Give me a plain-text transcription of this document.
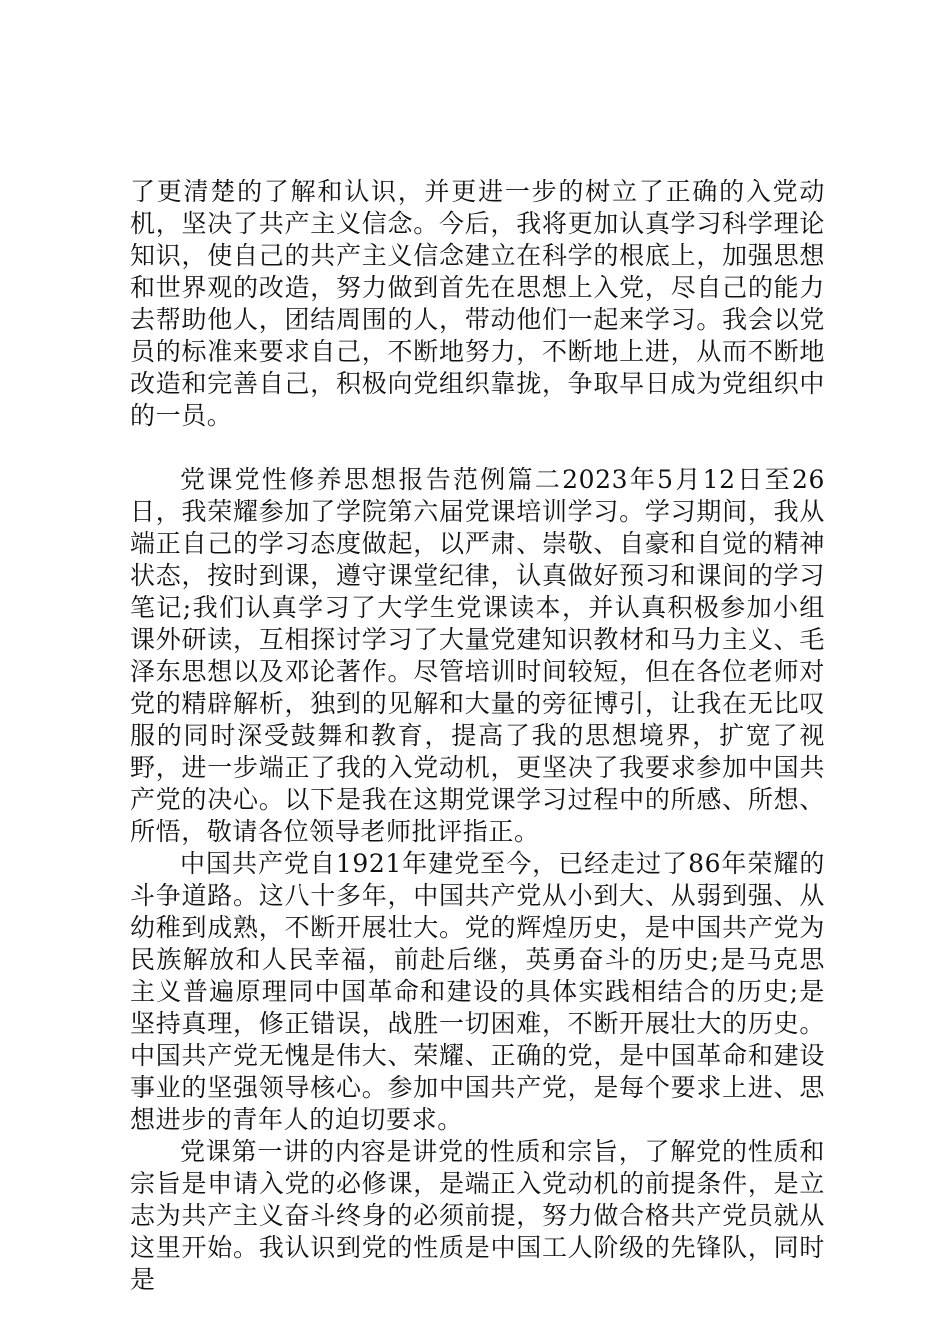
了更清楚的了解和认识，并更进一步的树立了正确的入党动机，坚决了共产主义信念。今后，我将更加认真学习科学理论知识，使自己的共产主义信念建立在科学的根底上，加强思想和世界观的改造，努力做到首先在思想上入党，尽自己的能力去帮助他人，团结周围的人，带动他们一起来学习。我会以党员的标准来要求自己，不断地努力，不断地上进，从而不断地改造和完善自己，积极向党组织靠拢，争取早日成为党组织中的一员。

党课党性修养思想报告范例篇二2023年5月12日至26日，我荣耀参加了学院第六届党课培训学习。学习期间，我从端正自己的学习态度做起，以严肃、崇敬、自豪和自觉的精神状态，按时到课，遵守课堂纪律，认真做好预习和课间的学习笔记;我们认真学习了大学生党课读本，并认真积极参加小组课外研读，互相探讨学习了大量党建知识教材和马力主义、毛泽东思想以及邓论著作。尽管培训时间较短，但在各位老师对党的精辟解析，独到的见解和大量的旁征博引，让我在无比叹服的同时深受鼓舞和教育，提高了我的思想境界，扩宽了视野，进一步端正了我的入党动机，更坚决了我要求参加中国共产党的决心。以下是我在这期党课学习过程中的所感、所想、所悟，敬请各位领导老师批评指正。

中国共产党自1921年建党至今，已经走过了86年荣耀的斗争道路。这八十多年，中国共产党从小到大、从弱到强、从幼稚到成熟，不断开展壮大。党的辉煌历史，是中国共产党为民族解放和人民幸福，前赴后继，英勇奋斗的历史;是马克思主义普遍原理同中国革命和建设的具体实践相结合的历史;是坚持真理，修正错误，战胜一切困难，不断开展壮大的历史。中国共产党无愧是伟大、荣耀、正确的党，是中国革命和建设事业的坚强领导核心。参加中国共产党，是每个要求上进、思想进步的青年人的迫切要求。

党课第一讲的内容是讲党的性质和宗旨，了解党的性质和宗旨是申请入党的必修课，是端正入党动机的前提条件，是立志为共产主义奋斗终身的必须前提，努力做合格共产党员就从这里开始。我认识到党的性质是中国工人阶级的先锋队，同时是
